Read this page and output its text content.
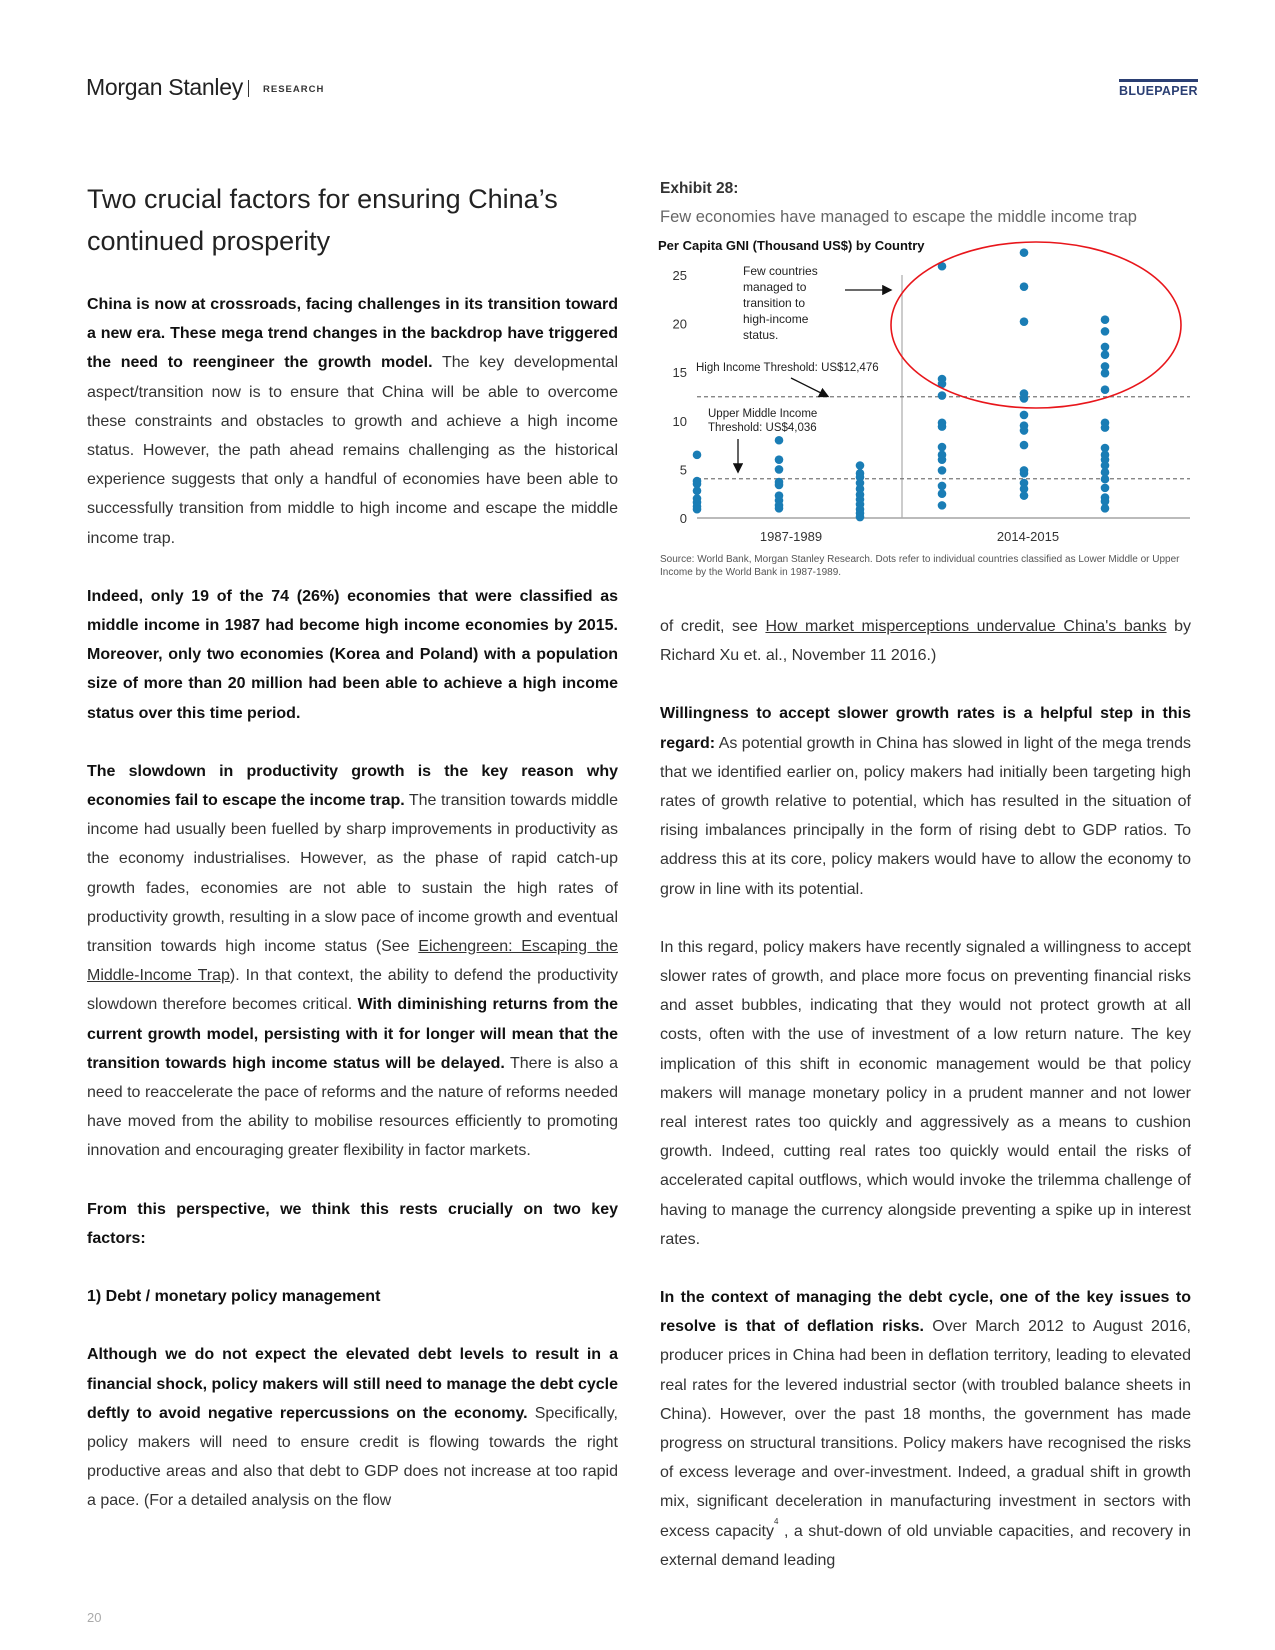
Morgan Stanley RESEARCH	BLUEPAPER
Two crucial factors for ensuring China’s continued prosperity

China is now at crossroads, facing challenges in its transition toward a new era. These mega trend changes in the backdrop have triggered the need to reengineer the growth model. The key developmental aspect/transition now is to ensure that China will be able to overcome these constraints and obstacles to growth and achieve a high income status. However, the path ahead remains challenging as the historical experience suggests that only a handful of economies have been able to successfully transition from middle to high income and escape the middle income trap.

Indeed, only 19 of the 74 (26%) economies that were classified as middle income in 1987 had become high income economies by 2015. Moreover, only two economies (Korea and Poland) with a population size of more than 20 million had been able to achieve a high income status over this time period.

The slowdown in productivity growth is the key reason why economies fail to escape the income trap. The transition towards middle income had usually been fuelled by sharp improvements in productivity as the economy industrialises. However, as the phase of rapid catch-up growth fades, economies are not able to sustain the high rates of productivity growth, resulting in a slow pace of income growth and eventual transition towards high income status (See Eichengreen: Escaping the Middle-Income Trap). In that context, the ability to defend the productivity slowdown therefore becomes critical. With diminishing returns from the current growth model, persisting with it for longer will mean that the transition towards high income status will be delayed. There is also a need to reaccelerate the pace of reforms and the nature of reforms needed have moved from the ability to mobilise resources efficiently to promoting innovation and encouraging greater flexibility in factor markets.

From this perspective, we think this rests crucially on two key factors:

1) Debt / monetary policy management

Although we do not expect the elevated debt levels to result in a financial shock, policy makers will still need to manage the debt cycle deftly to avoid negative repercussions on the economy. Specifically, policy makers will need to ensure credit is flowing towards the right productive areas and also that debt to GDP does not increase at too rapid a pace. (For a detailed analysis on the flow

of credit, see How market misperceptions undervalue China's banks by Richard Xu et. al., November 11 2016.)

Willingness to accept slower growth rates is a helpful step in this regard: As potential growth in China has slowed in light of the mega trends that we identified earlier on, policy makers had initially been targeting high rates of growth relative to potential, which has resulted in the situation of rising imbalances principally in the form of rising debt to GDP ratios. To address this at its core, policy makers would have to allow the economy to grow in line with its potential.

In this regard, policy makers have recently signaled a willingness to accept slower rates of growth, and place more focus on preventing financial risks and asset bubbles, indicating that they would not protect growth at all costs, often with the use of investment of a low return nature. The key implication of this shift in economic management would be that policy makers will manage monetary policy in a prudent manner and not lower real interest rates too quickly and aggressively as a means to cushion growth. Indeed, cutting real rates too quickly would entail the risks of accelerated capital outflows, which would invoke the trilemma challenge of having to manage the currency alongside preventing a spike up in interest rates.

In the context of managing the debt cycle, one of the key issues to resolve is that of deflation risks. Over March 2012 to August 2016, producer prices in China had been in deflation territory, leading to elevated real rates for the levered industrial sector (with troubled balance sheets in China). However, over the past 18 months, the government has made progress on structural transitions. Policy makers have recognised the risks of excess leverage and over-investment. Indeed, a gradual shift in growth mix, significant deceleration in manufacturing investment in sectors with excess capacity$^4$ , a shut-down of old unviable capacities, and recovery in external demand leading

Exhibit 28:
Few economies have managed to escape the middle income trap
Per Capita GNI (Thousand US$) by Country
0
5
10
15
20
25
1987-1989	2014-2015
High Income Threshold: US$12,476
Upper Middle Income
Threshold: US$4,036
Few countries
managed to
transition to
high-income
status.
Source: World Bank, Morgan Stanley Research. Dots refer to individual countries classified as Lower Middle or Upper Income by the World Bank in 1987-1989.
20
